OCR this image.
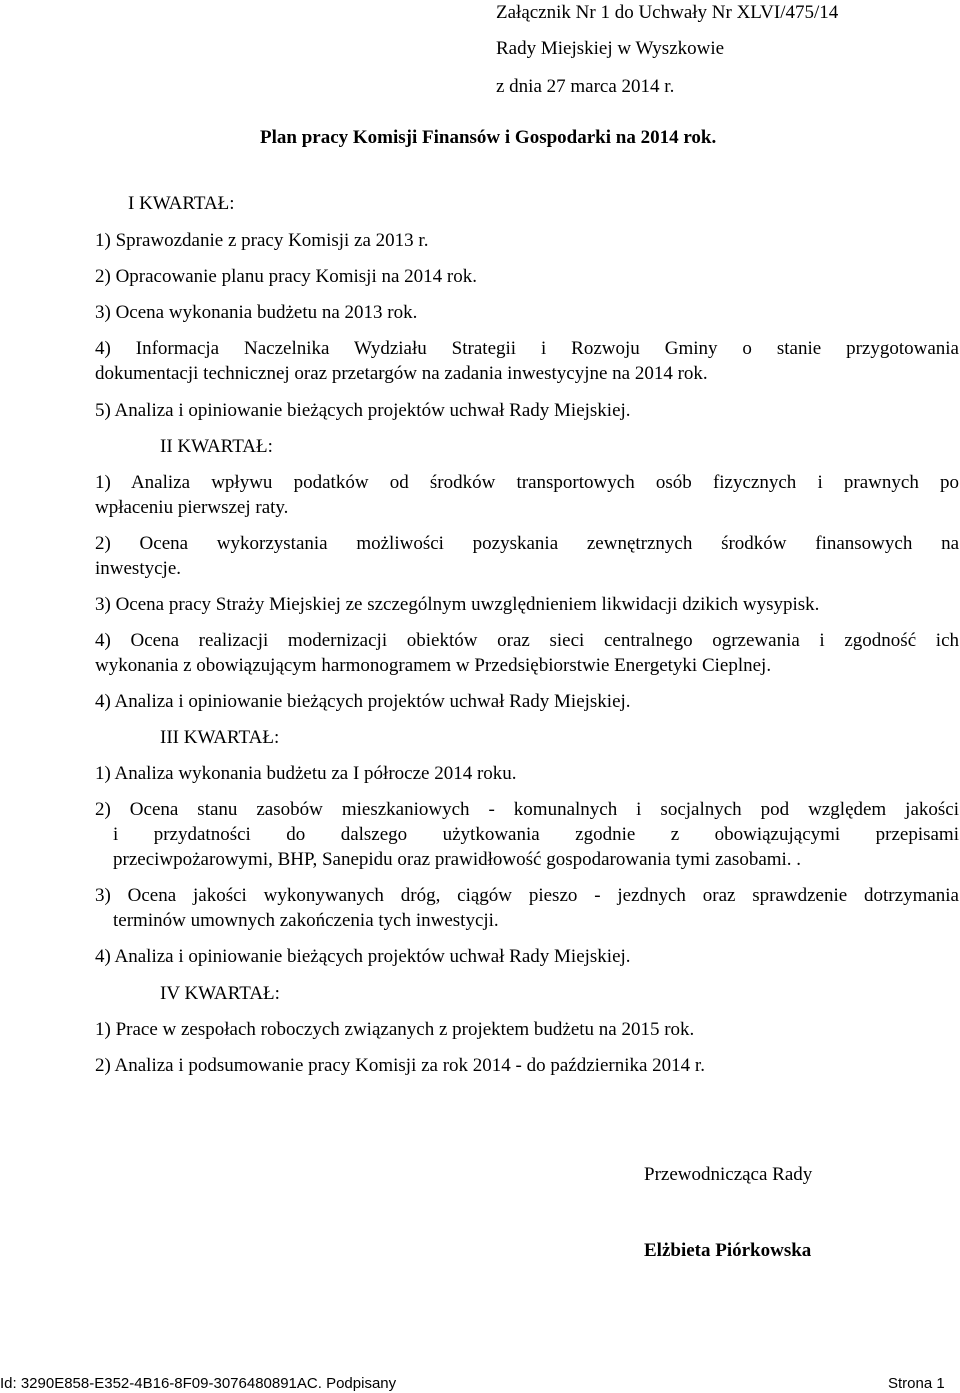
Załącznik Nr 1 do Uchwały Nr XLVI/475/14
Rady Miejskiej w Wyszkowie
z dnia 27 marca 2014 r.
Plan pracy Komisji Finansów i Gospodarki na 2014 rok.
I KWARTAŁ:
1) Sprawozdanie z pracy Komisji za 2013 r.
2) Opracowanie planu pracy Komisji na 2014 rok.
3) Ocena wykonania budżetu na 2013 rok.
4) Informacja Naczelnika Wydziału Strategii i Rozwoju Gminy o stanie przygotowania
dokumentacji technicznej oraz przetargów na zadania inwestycyjne na 2014 rok.
5) Analiza i opiniowanie bieżących projektów uchwał Rady Miejskiej.
II KWARTAŁ:
1) Analiza wpływu podatków od środków transportowych osób fizycznych i prawnych po
wpłaceniu pierwszej raty.
2) Ocena wykorzystania możliwości pozyskania zewnętrznych środków finansowych na
inwestycje.
3) Ocena pracy Straży Miejskiej ze szczególnym uwzględnieniem likwidacji dzikich wysypisk.
4) Ocena realizacji modernizacji obiektów oraz sieci centralnego ogrzewania i zgodność ich
wykonania z obowiązującym harmonogramem w Przedsiębiorstwie Energetyki Cieplnej.
4) Analiza i opiniowanie bieżących projektów uchwał Rady Miejskiej.
III KWARTAŁ:
1) Analiza wykonania budżetu za I półrocze 2014 roku.
2) Ocena stanu zasobów mieszkaniowych - komunalnych i socjalnych pod względem jakości
i przydatności do dalszego użytkowania zgodnie z obowiązującymi przepisami
przeciwpożarowymi, BHP, Sanepidu oraz prawidłowość gospodarowania tymi zasobami. .
3) Ocena jakości wykonywanych dróg, ciągów pieszo - jezdnych oraz sprawdzenie dotrzymania
terminów umownych zakończenia tych inwestycji.
4) Analiza i opiniowanie bieżących projektów uchwał Rady Miejskiej.
IV KWARTAŁ:
1) Prace w zespołach roboczych związanych z projektem budżetu na 2015 rok.
2) Analiza i podsumowanie pracy Komisji za rok 2014 - do października 2014 r.
Przewodnicząca Rady
Elżbieta Piórkowska
Id: 3290E858-E352-4B16-8F09-3076480891AC. Podpisany	Strona 1
